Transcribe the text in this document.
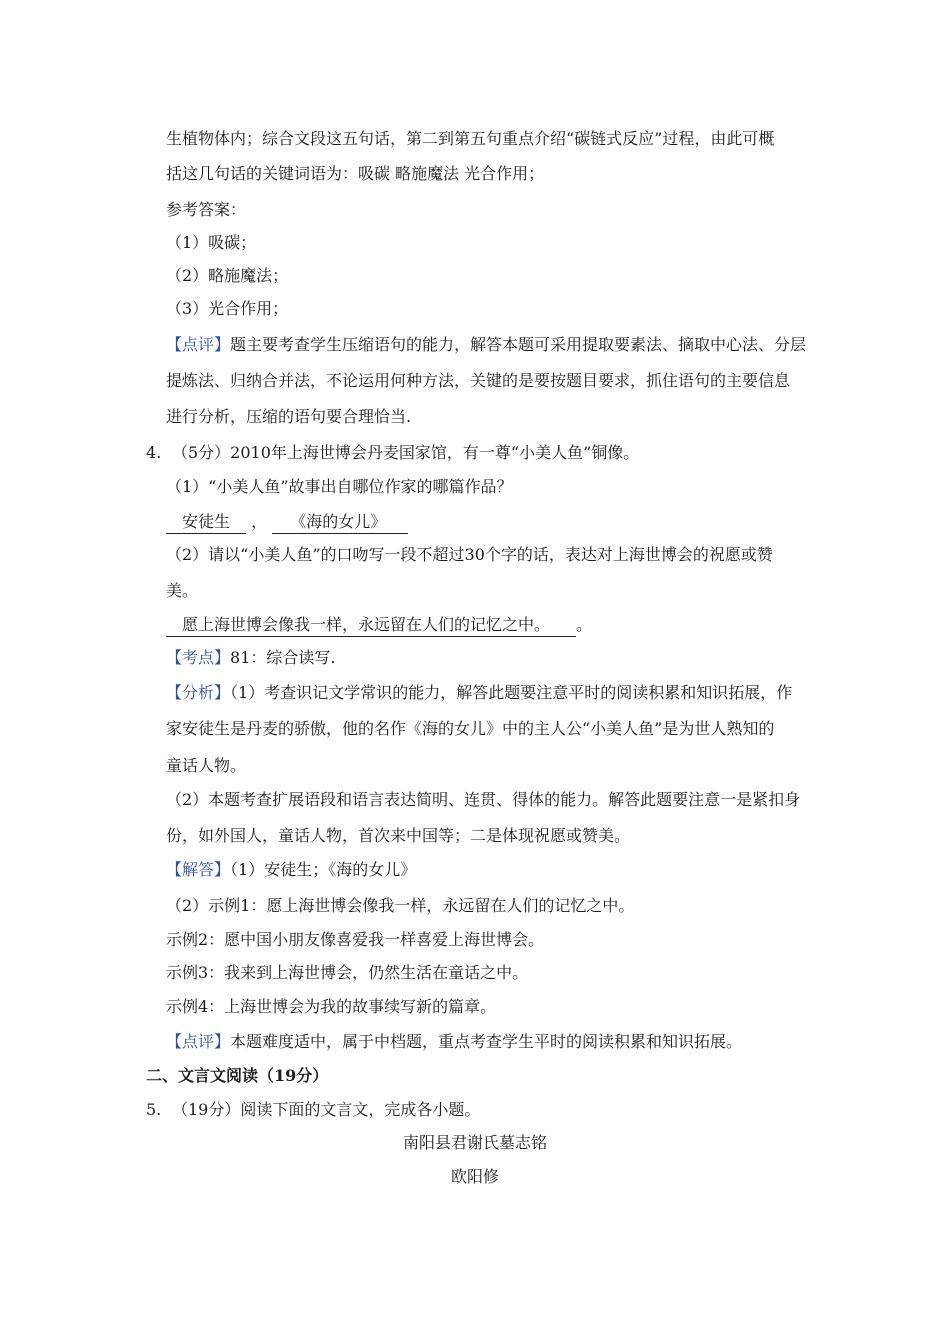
生植物体内；综合文段这五句话，第二到第五句重点介绍“碳链式反应”过程，由此可概
括这几句话的关键词语为：吸碳 略施魔法 光合作用；
参考答案：
（1）吸碳；
（2）略施魔法；
（3）光合作用；
【点评】题主要考查学生压缩语句的能力，解答本题可采用提取要素法、摘取中心法、分层
提炼法、归纳合并法，不论运用何种方法，关键的是要按题目要求，抓住语句的主要信息
进行分析，压缩的语句要合理恰当.
4. （5分）2010年上海世博会丹麦国家馆，有一尊“小美人鱼”铜像。
（1）“小美人鱼”故事出自哪位作家的哪篇作品？
安徒生 ， 《海的女儿》
（2）请以“小美人鱼”的口吻写一段不超过30个字的话，表达对上海世博会的祝愿或赞
美。
愿上海世博会像我一样，永远留在人们的记忆之中。 。
【考点】81：综合读写.
【分析】（1）考查识记文学常识的能力，解答此题要注意平时的阅读积累和知识拓展，作
家安徒生是丹麦的骄傲，他的名作《海的女儿》中的主人公“小美人鱼”是为世人熟知的
童话人物。
（2）本题考查扩展语段和语言表达简明、连贯、得体的能力。解答此题要注意一是紧扣身
份，如外国人，童话人物，首次来中国等；二是体现祝愿或赞美。
【解答】（1）安徒生；《海的女儿》
（2）示例1：愿上海世博会像我一样，永远留在人们的记忆之中。
示例2：愿中国小朋友像喜爱我一样喜爱上海世博会。
示例3：我来到上海世博会，仍然生活在童话之中。
示例4：上海世博会为我的故事续写新的篇章。
【点评】本题难度适中，属于中档题，重点考查学生平时的阅读积累和知识拓展。
二、文言文阅读（19分）
5. （19分）阅读下面的文言文，完成各小题。
南阳县君谢氏墓志铭
欧阳修
